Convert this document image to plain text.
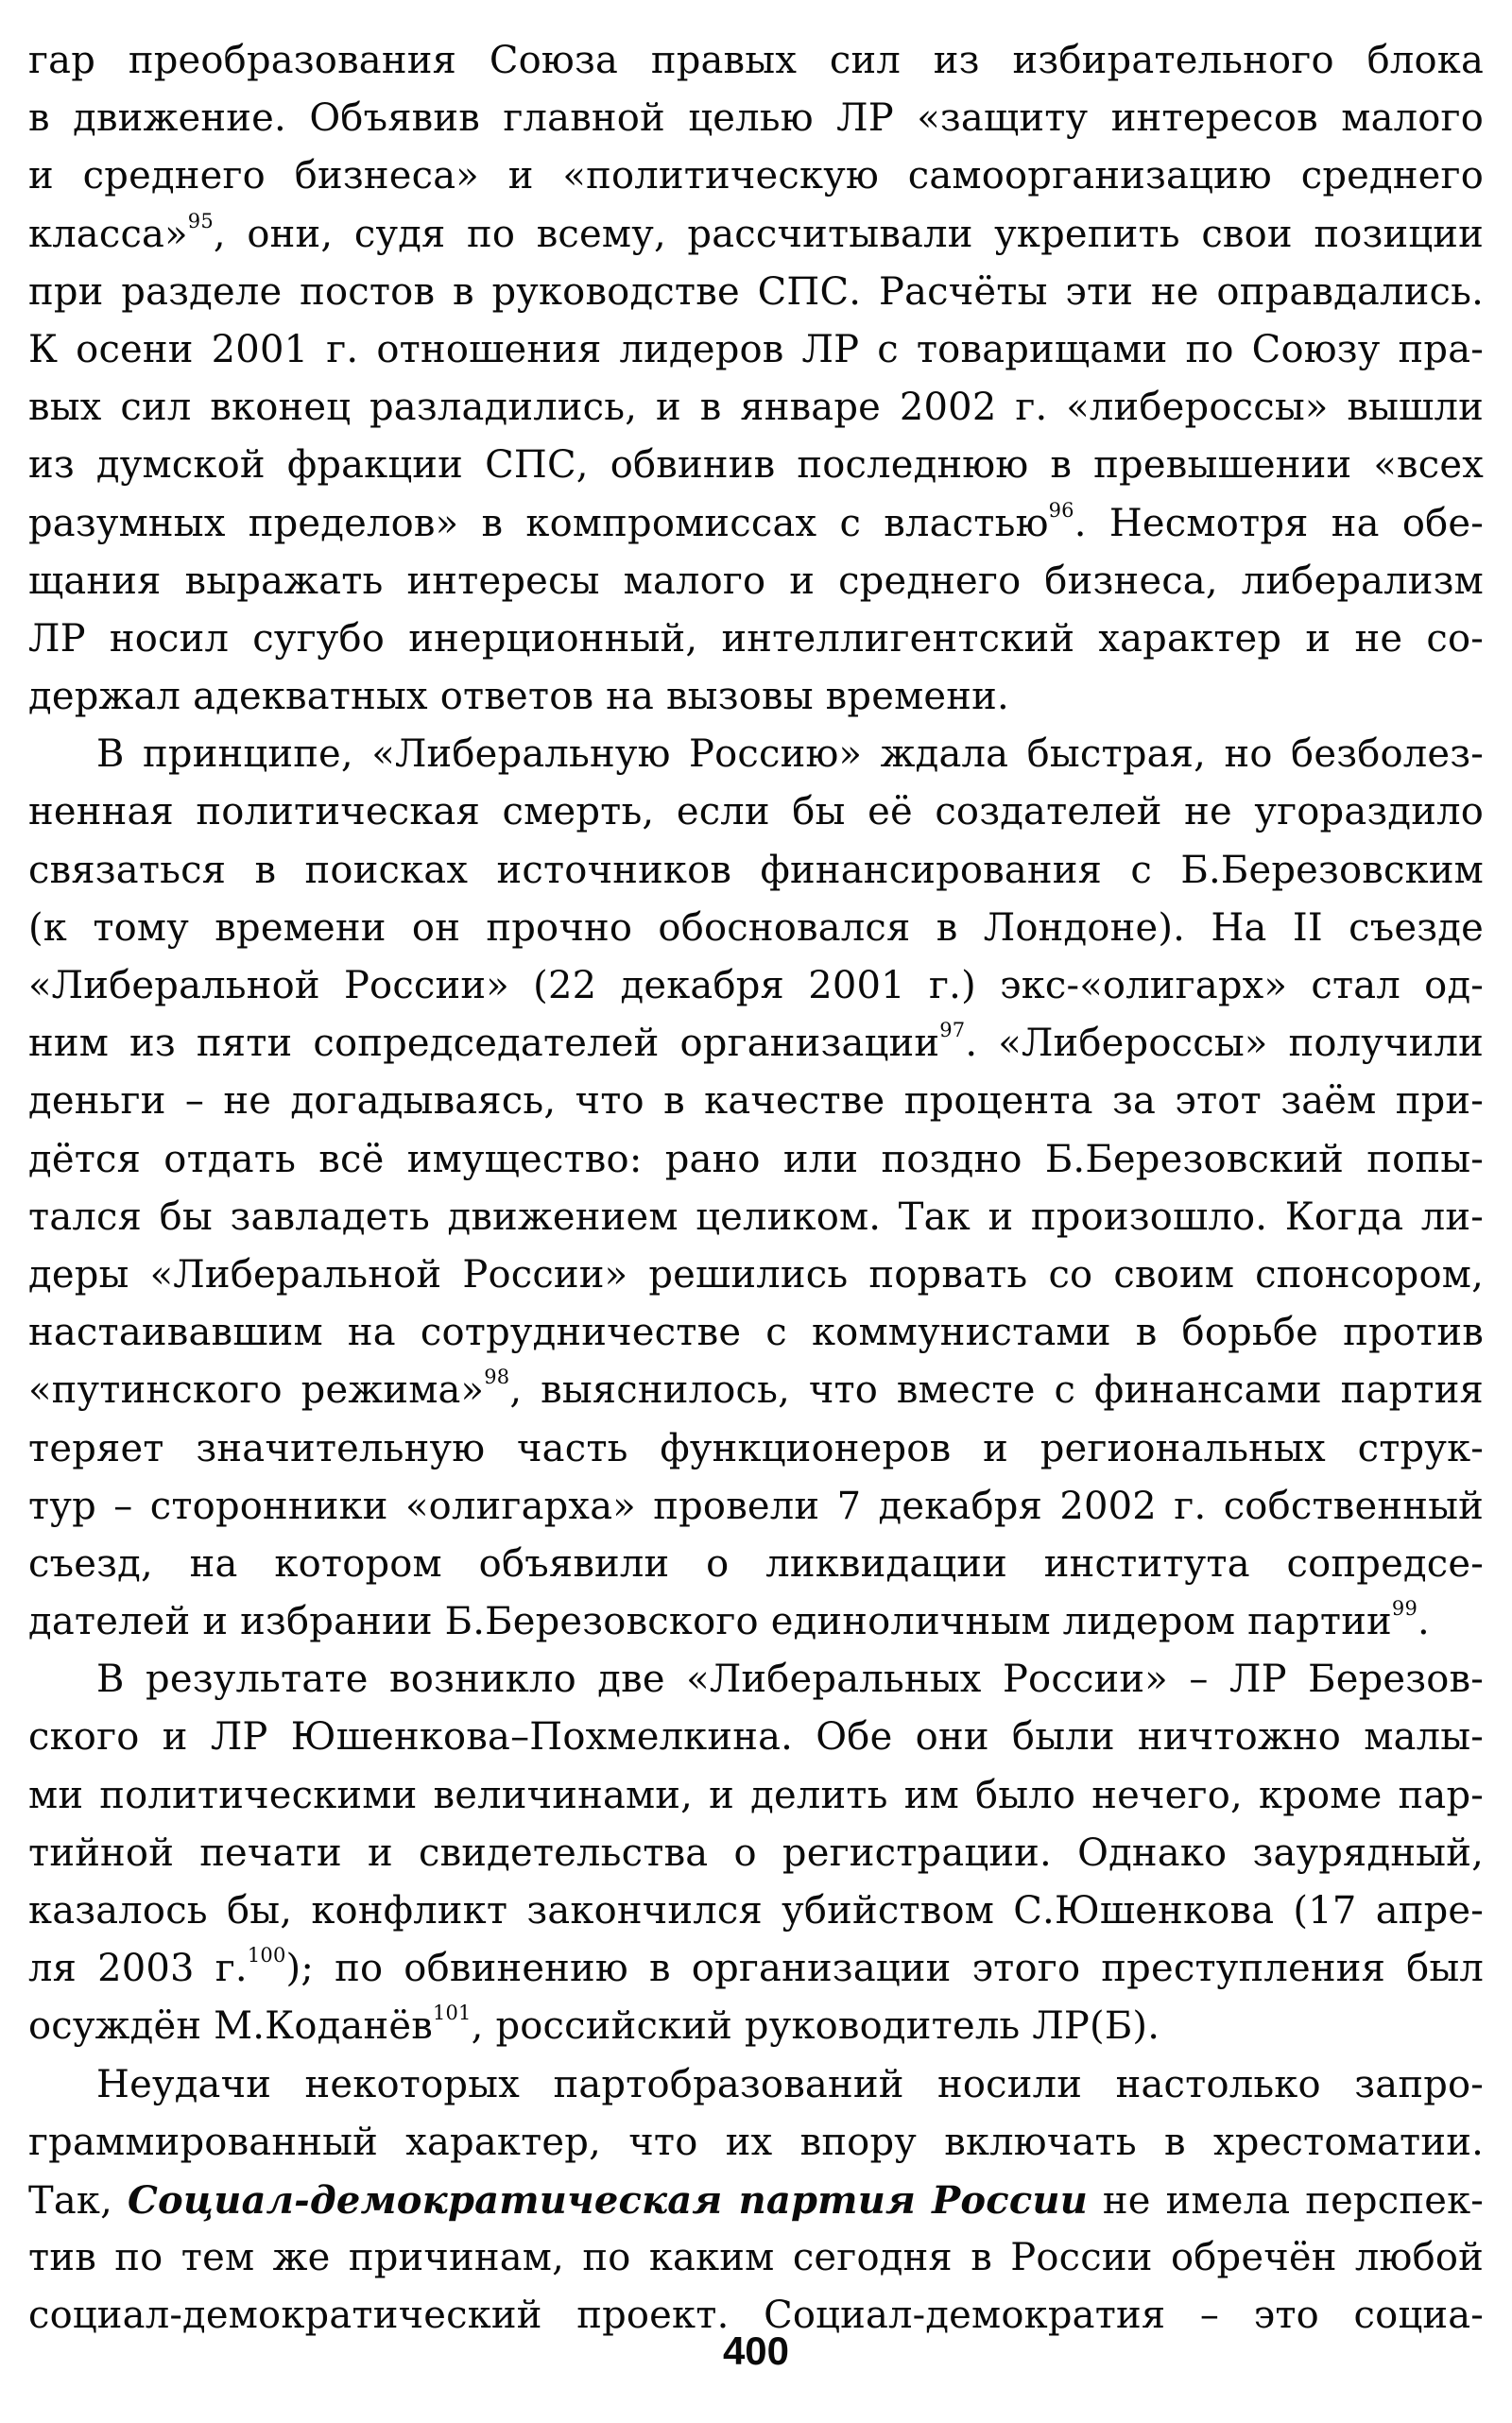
гар преобразования Союза правых сил из избирательного блока
в движение. Объявив главной целью ЛР «защиту интересов малого
и среднего бизнеса» и «политическую самоорганизацию среднего
класса»$^{95}$, они, судя по всему, рассчитывали укрепить свои позиции
при разделе постов в руководстве СПС. Расчёты эти не оправдались.
К осени 2001 г. отношения лидеров ЛР с товарищами по Союзу пра-
вых сил вконец разладились, и в январе 2002 г. «либероссы» вышли
из думской фракции СПС, обвинив последнюю в превышении «всех
разумных пределов» в компромиссах с властью$^{96}$. Несмотря на обе-
щания выражать интересы малого и среднего бизнеса, либерализм
ЛР носил сугубо инерционный, интеллигентский характер и не со-
держал адекватных ответов на вызовы времени.
В принципе, «Либеральную Россию» ждала быстрая, но безболез-
ненная политическая смерть, если бы её создателей не угораздило
связаться в поисках источников финансирования с Б.Березовским
(к тому времени он прочно обосновался в Лондоне). На II съезде
«Либеральной России» (22 декабря 2001 г.) экс-«олигарх» стал од-
ним из пяти сопредседателей организации$^{97}$. «Либероссы» получили
деньги – не догадываясь, что в качестве процента за этот заём при-
дётся отдать всё имущество: рано или поздно Б.Березовский попы-
тался бы завладеть движением целиком. Так и произошло. Когда ли-
деры «Либеральной России» решились порвать со своим спонсором,
настаивавшим на сотрудничестве с коммунистами в борьбе против
«путинского режима»$^{98}$, выяснилось, что вместе с финансами партия
теряет значительную часть функционеров и региональных струк-
тур – сторонники «олигарха» провели 7 декабря 2002 г. собственный
съезд, на котором объявили о ликвидации института сопредсе-
дателей и избрании Б.Березовского единоличным лидером партии$^{99}$.
В результате возникло две «Либеральных России» – ЛР Березов-
ского и ЛР Юшенкова–Похмелкина. Обе они были ничтожно малы-
ми политическими величинами, и делить им было нечего, кроме пар-
тийной печати и свидетельства о регистрации. Однако заурядный,
казалось бы, конфликт закончился убийством С.Юшенкова (17 апре-
ля 2003 г.$^{100}$); по обвинению в организации этого преступления был
осуждён М.Коданёв$^{101}$, российский руководитель ЛР(Б).
Неудачи некоторых партобразований носили настолько запро-
граммированный характер, что их впору включать в хрестоматии.
Так, Социал-демократическая партия России не имела перспек-
тив по тем же причинам, по каким сегодня в России обречён любой
социал-демократический проект. Социал-демократия – это социа-
400
